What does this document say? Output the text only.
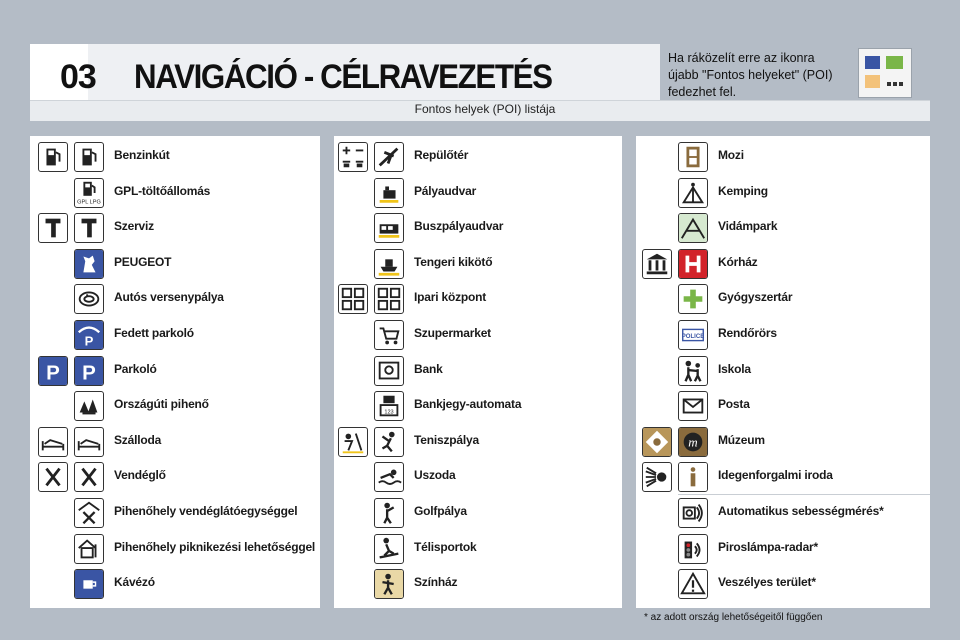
03 NAVIGÁCIÓ - CÉLRAVEZETÉS	Ha ráközelít erre az ikonra
újabb "Fontos helyeket" (POI)
fedezhet fel.
Fontos helyek (POI) listája
Benzinkút
GPL LPG
GPL-töltőállomás
Szerviz
PEUGEOT
Autós versenypálya
P
Fedett parkoló
P P Parkoló
Országúti pihenő
Szálloda
Vendéglő
Pihenőhely vendéglátóegységgel
Pihenőhely piknikezési lehetőséggel
Kávézó
Repülőtér
Pályaudvar
Buszpályaudvar
Tengeri kikötő
Ipari központ
Szupermarket
Bank
123
Bankjegy-automata
Teniszpálya
Uszoda
Golfpálya
Télisportok
Színház
Mozi
Kemping
Vidámpark
Kórház
Gyógyszertár
POLICE Rendőrörs
Iskola
Posta
m Múzeum
Idegenforgalmi iroda
Automatikus sebességmérés*
Piroslámpa-radar*
Veszélyes terület*
* az adott ország lehetőségeitől függően
